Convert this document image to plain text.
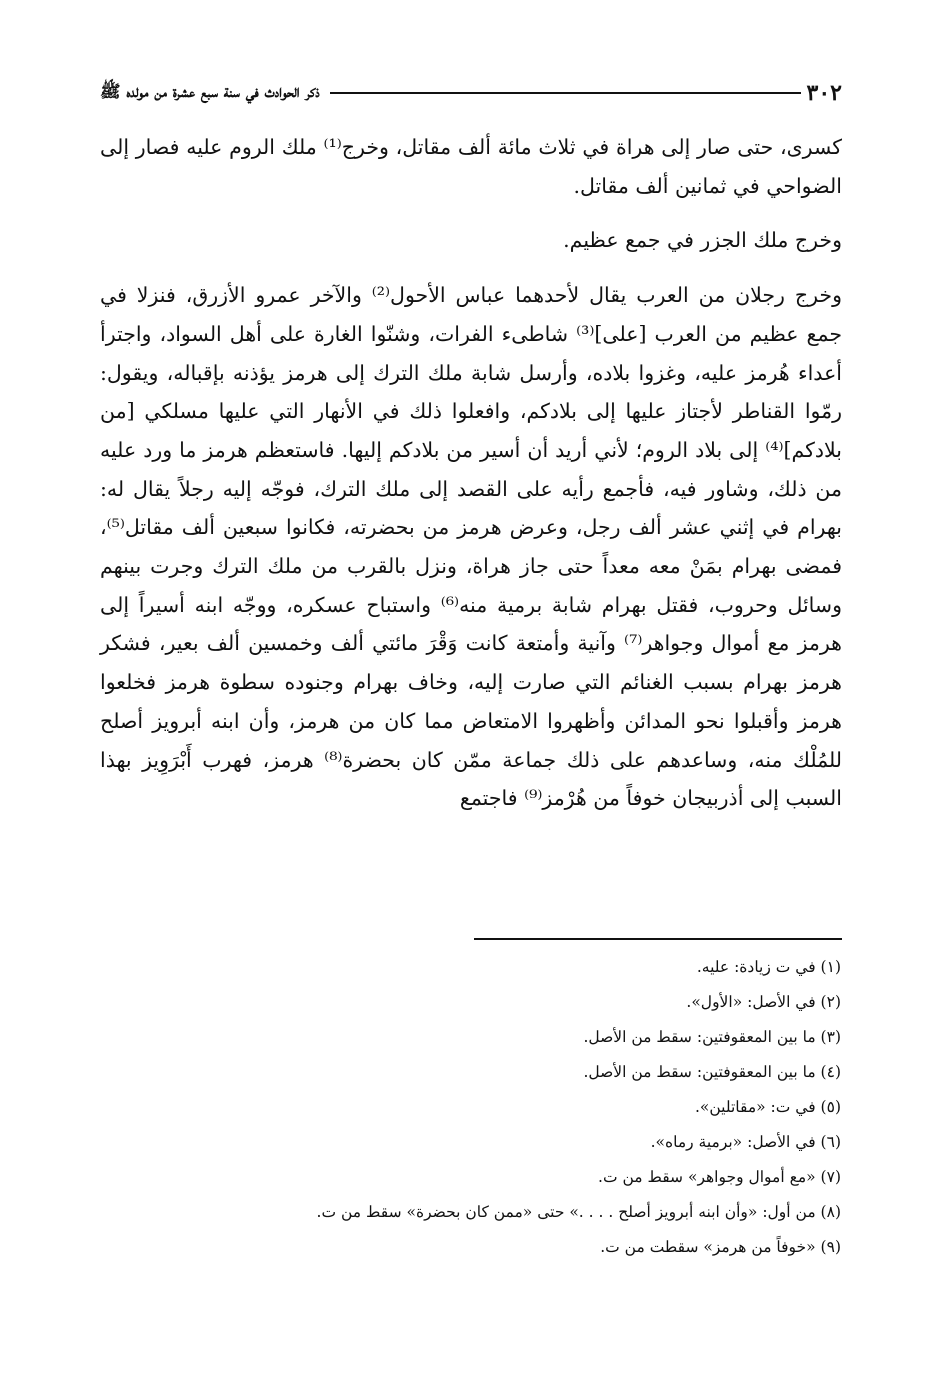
٣٠٢
ذكر الحوادث في سنة سبع عشرة من مولده ﷺ

كسرى، حتى صار إلى هراة في ثلاث مائة ألف مقاتل، وخرج⁽¹⁾ ملك الروم عليه فصار إلى الضواحي في ثمانين ألف مقاتل.

وخرج ملك الجزر في جمع عظيم.

وخرج رجلان من العرب يقال لأحدهما عباس الأحول⁽²⁾ والآخر عمرو الأزرق، فنزلا في جمع عظيم من العرب [على]⁽³⁾ شاطىء الفرات، وشنّوا الغارة على أهل السواد، واجترأ أعداء هُرمز عليه، وغزوا بلاده، وأرسل شابة ملك الترك إلى هرمز يؤذنه بإقباله، ويقول: رمّوا القناطر لأجتاز عليها إلى بلادكم، وافعلوا ذلك في الأنهار التي عليها مسلكي [من بلادكم]⁽⁴⁾ إلى بلاد الروم؛ لأني أريد أن أسير من بلادكم إليها. فاستعظم هرمز ما ورد عليه من ذلك، وشاور فيه، فأجمع رأيه على القصد إلى ملك الترك، فوجّه إليه رجلاً يقال له: بهرام في إثني عشر ألف رجل، وعرض هرمز من بحضرته، فكانوا سبعين ألف مقاتل⁽⁵⁾، فمضى بهرام بمَنْ معه معداً حتى جاز هراة، ونزل بالقرب من ملك الترك وجرت بينهم وسائل وحروب، فقتل بهرام شابة برمية منه⁽⁶⁾ واستباح عسكره، ووجّه ابنه أسيراً إلى هرمز مع أموال وجواهر⁽⁷⁾ وآنية وأمتعة كانت وَقْرَ مائتي ألف وخمسين ألف بعير، فشكر هرمز بهرام بسبب الغنائم التي صارت إليه، وخاف بهرام وجنوده سطوة هرمز فخلعوا هرمز وأقبلوا نحو المدائن وأظهروا الامتعاض مما كان من هرمز، وأن ابنه أبرويز أصلح للمُلْك منه، وساعدهم على ذلك جماعة ممّن كان بحضرة⁽⁸⁾ هرمز، فهرب أَبْرَوِيز بهذا السبب إلى أذربيجان خوفاً من هُرْمز⁽⁹⁾ فاجتمع

(١) في ت زيادة: عليه.
(٢) في الأصل: «الأول».
(٣) ما بين المعقوفتين: سقط من الأصل.
(٤) ما بين المعقوفتين: سقط من الأصل.
(٥) في ت: «مقاتلين».
(٦) في الأصل: «برمية رماه».
(٧) «مع أموال وجواهر» سقط من ت.
(٨) من أول: «وأن ابنه أبرويز أصلح . . . .» حتى «ممن كان بحضرة» سقط من ت.
(٩) «خوفاً من هرمز» سقطت من ت.
